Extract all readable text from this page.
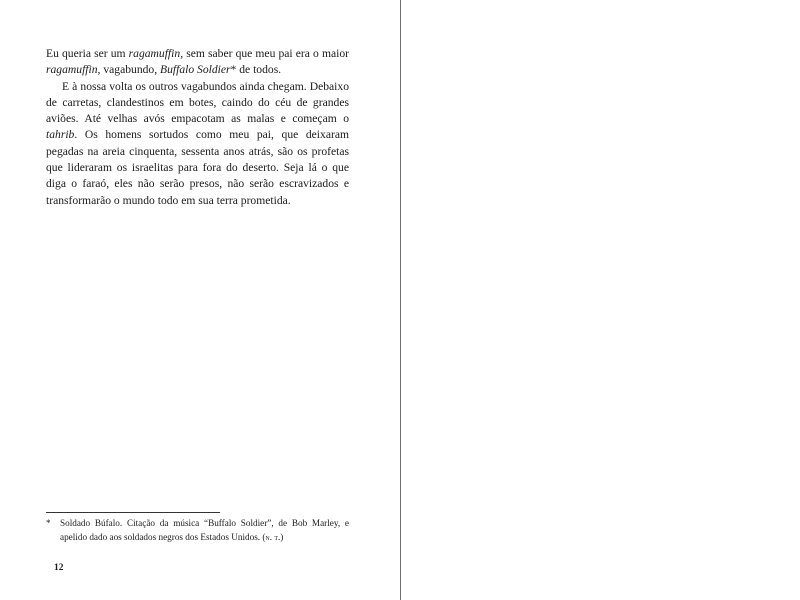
Eu queria ser um ragamuffin, sem saber que meu pai era o maior ragamuffin, vagabundo, Buffalo Soldier* de todos.

E à nossa volta os outros vagabundos ainda chegam. Debaixo de carretas, clandestinos em botes, caindo do céu de grandes aviões. Até velhas avós empacotam as malas e começam o tahrib. Os homens sortudos como meu pai, que deixaram pegadas na areia cinquenta, sessenta anos atrás, são os profetas que lideraram os israelitas para fora do deserto. Seja lá o que diga o faraó, eles não serão presos, não serão escravizados e transformarão o mundo todo em sua terra prometida.

* Soldado Búfalo. Citação da música “Buffalo Soldier”, de Bob Marley, e apelido dado aos soldados negros dos Estados Unidos. (n. t.)
12
